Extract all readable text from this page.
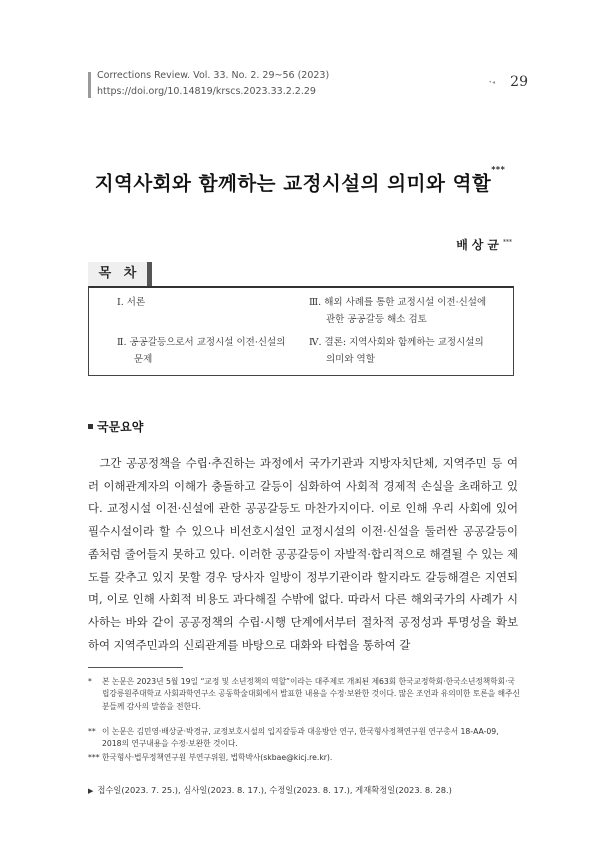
Corrections Review. Vol. 33. No. 2. 29~56 (2023)
https://doi.org/10.14819/krscs.2023.33.2.2.29
•◂ 29
지역사회와 함께하는 교정시설의 의미와 역할***
배상균***
목 차
Ⅰ. 서론
Ⅱ. 공공갈등으로서 교정시설 이전·신설의
문제
Ⅲ. 해외 사례를 통한 교정시설 이전·신설에
관한 공공갈등 해소 검토
Ⅳ. 결론: 지역사회와 함께하는 교정시설의
의미와 역할
국문요약

그간 공공정책을 수립·추진하는 과정에서 국가기관과 지방자치단체, 지역주민 등 여러 이해관계자의 이해가 충돌하고 갈등이 심화하여 사회적 경제적 손실을 초래하고 있다. 교정시설 이전·신설에 관한 공공갈등도 마찬가지이다. 이로 인해 우리 사회에 있어 필수시설이라 할 수 있으나 비선호시설인 교정시설의 이전·신설을 둘러싼 공공갈등이 좀처럼 줄어들지 못하고 있다. 이러한 공공갈등이 자발적·합리적으로 해결될 수 있는 제도를 갖추고 있지 못할 경우 당사자 일방이 정부기관이라 할지라도 갈등해결은 지연되며, 이로 인해 사회적 비용도 과다해질 수밖에 없다. 따라서 다른 해외국가의 사례가 시사하는 바와 같이 공공정책의 수립·시행 단계에서부터 절차적 공정성과 투명성을 확보하여 지역주민과의 신뢰관계를 바탕으로 대화와 타협을 통하여 갈

*	본 논문은 2023년 5월 19일 “교정 및 소년정책의 역할”이라는 대주제로 개최된 제63회 한국교정학회·한국소년정책학회·국립강릉원주대학교 사회과학연구소 공동학술대회에서 발표한 내용을 수정·보완한 것이다. 많은 조언과 유의미한 토론을 해주신 분들께 감사의 말씀을 전한다.
** 이 논문은 김민영·배상균·박경규, 교정보호시설의 입지갈등과 대응방안 연구, 한국형사정책연구원 연구총서 18-AA-09, 2018의 연구내용을 수정·보완한 것이다.
*** 한국형사·법무정책연구원 부연구위원, 법학박사(skbae@kicj.re.kr).
▶ 접수일(2023. 7. 25.), 심사일(2023. 8. 17.), 수정일(2023. 8. 17.), 게재확정일(2023. 8. 28.)
